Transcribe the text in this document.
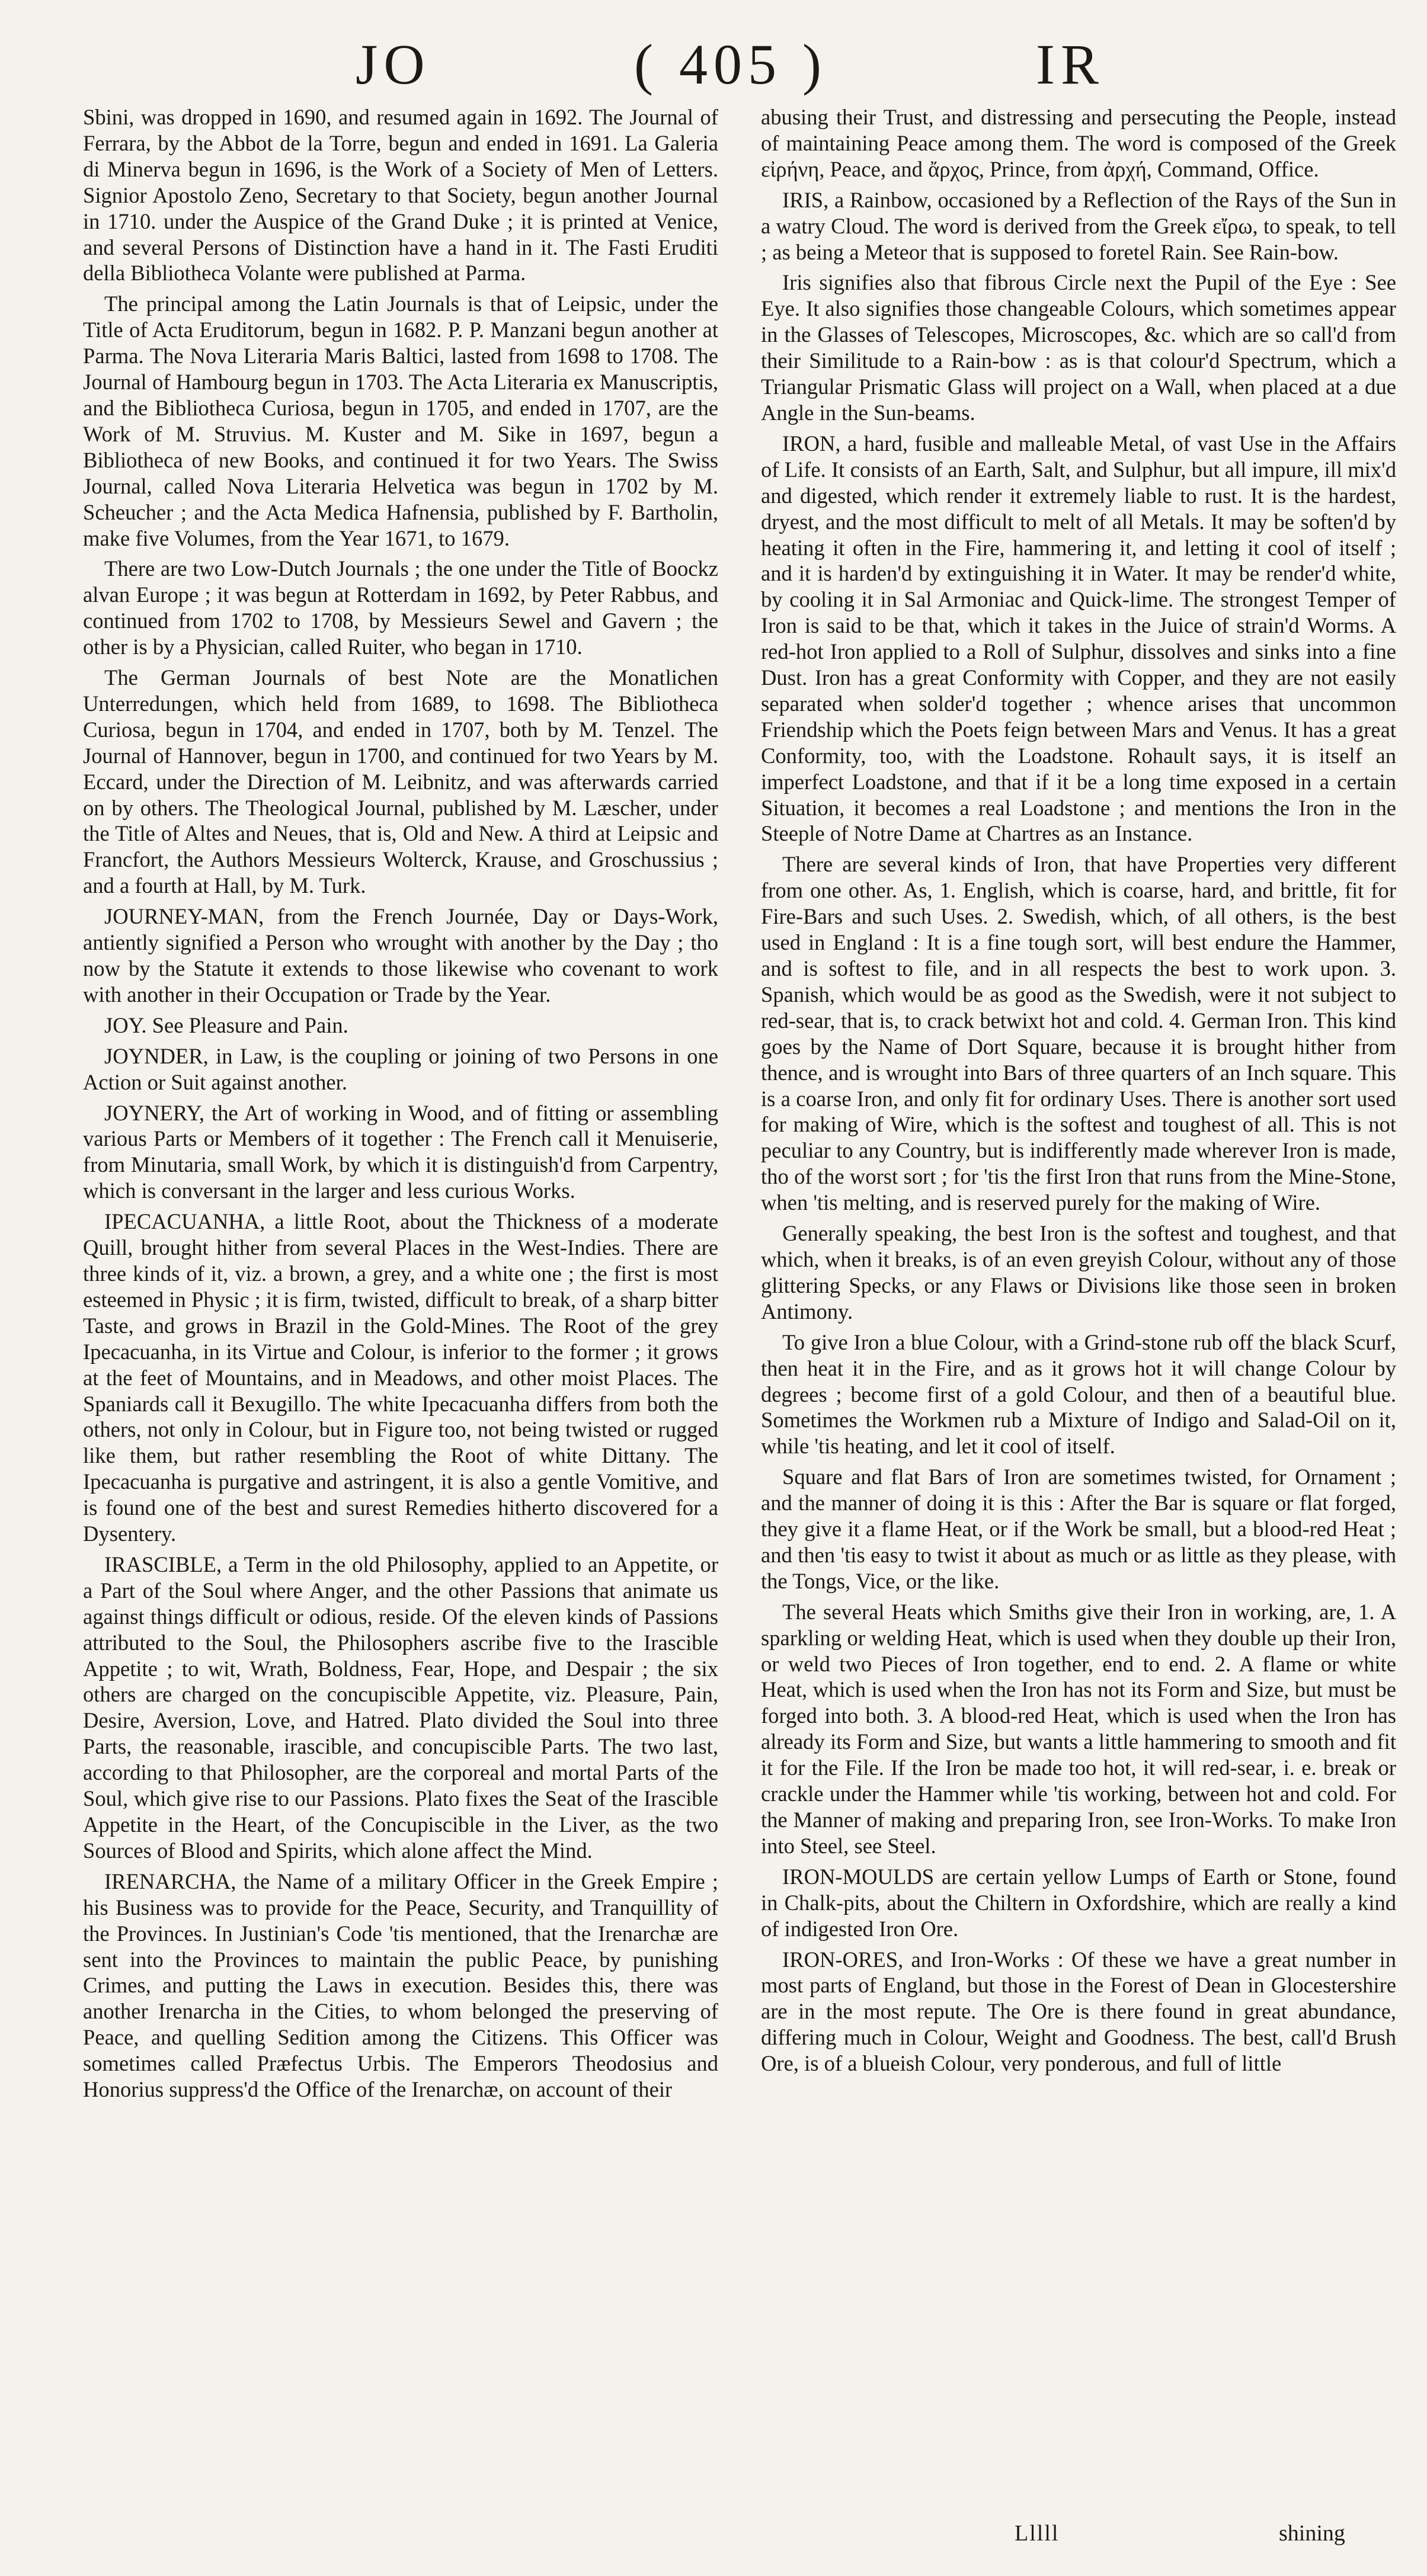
JO	( 405 )	IR

Sbini, was dropped in 1690, and resumed again in 1692. The Journal of Ferrara, by the Abbot de la Torre, begun and ended in 1691. La Galeria di Minerva begun in 1696, is the Work of a Society of Men of Letters. Signior Apostolo Zeno, Secretary to that Society, begun another Journal in 1710. under the Auspice of the Grand Duke ; it is printed at Venice, and several Persons of Distinction have a hand in it. The Fasti Eruditi della Bibliotheca Volante were published at Parma.

The principal among the Latin Journals is that of Leipsic, under the Title of Acta Eruditorum, begun in 1682. P. P. Manzani begun another at Parma. The Nova Literaria Maris Baltici, lasted from 1698 to 1708. The Journal of Hambourg begun in 1703. The Acta Literaria ex Manuscriptis, and the Bibliotheca Curiosa, begun in 1705, and ended in 1707, are the Work of M. Struvius. M. Kuster and M. Sike in 1697, begun a Bibliotheca of new Books, and continued it for two Years. The Swiss Journal, called Nova Literaria Helvetica was begun in 1702 by M. Scheucher ; and the Acta Medica Hafnensia, published by F. Bartholin, make five Volumes, from the Year 1671, to 1679.

There are two Low-Dutch Journals ; the one under the Title of Boockz alvan Europe ; it was begun at Rotterdam in 1692, by Peter Rabbus, and continued from 1702 to 1708, by Messieurs Sewel and Gavern ; the other is by a Physician, called Ruiter, who began in 1710.

The German Journals of best Note are the Monatlichen Unterredungen, which held from 1689, to 1698. The Bibliotheca Curiosa, begun in 1704, and ended in 1707, both by M. Tenzel. The Journal of Hannover, begun in 1700, and continued for two Years by M. Eccard, under the Direction of M. Leibnitz, and was afterwards carried on by others. The Theological Journal, published by M. Læscher, under the Title of Altes and Neues, that is, Old and New. A third at Leipsic and Francfort, the Authors Messieurs Wolterck, Krause, and Groschussius ; and a fourth at Hall, by M. Turk.

JOURNEY-MAN, from the French Journée, Day or Days-Work, antiently signified a Person who wrought with another by the Day ; tho now by the Statute it extends to those likewise who covenant to work with another in their Occupation or Trade by the Year.

JOY. See Pleasure and Pain.

JOYNDER, in Law, is the coupling or joining of two Persons in one Action or Suit against another.

JOYNERY, the Art of working in Wood, and of fitting or assembling various Parts or Members of it together : The French call it Menuiserie, from Minutaria, small Work, by which it is distinguish'd from Carpentry, which is conversant in the larger and less curious Works.

IPECACUANHA, a little Root, about the Thickness of a moderate Quill, brought hither from several Places in the West-Indies. There are three kinds of it, viz. a brown, a grey, and a white one ; the first is most esteemed in Physic ; it is firm, twisted, difficult to break, of a sharp bitter Taste, and grows in Brazil in the Gold-Mines. The Root of the grey Ipecacuanha, in its Virtue and Colour, is inferior to the former ; it grows at the feet of Mountains, and in Meadows, and other moist Places. The Spaniards call it Bexugillo. The white Ipecacuanha differs from both the others, not only in Colour, but in Figure too, not being twisted or rugged like them, but rather resembling the Root of white Dittany. The Ipecacuanha is purgative and astringent, it is also a gentle Vomitive, and is found one of the best and surest Remedies hitherto discovered for a Dysentery.

IRASCIBLE, a Term in the old Philosophy, applied to an Appetite, or a Part of the Soul where Anger, and the other Passions that animate us against things difficult or odious, reside. Of the eleven kinds of Passions attributed to the Soul, the Philosophers ascribe five to the Irascible Appetite ; to wit, Wrath, Boldness, Fear, Hope, and Despair ; the six others are charged on the concupiscible Appetite, viz. Pleasure, Pain, Desire, Aversion, Love, and Hatred. Plato divided the Soul into three Parts, the reasonable, irascible, and concupiscible Parts. The two last, according to that Philosopher, are the corporeal and mortal Parts of the Soul, which give rise to our Passions. Plato fixes the Seat of the Irascible Appetite in the Heart, of the Concupiscible in the Liver, as the two Sources of Blood and Spirits, which alone affect the Mind.

IRENARCHA, the Name of a military Officer in the Greek Empire ; his Business was to provide for the Peace, Security, and Tranquillity of the Provinces. In Justinian's Code 'tis mentioned, that the Irenarchæ are sent into the Provinces to maintain the public Peace, by punishing Crimes, and putting the Laws in execution. Besides this, there was another Irenarcha in the Cities, to whom belonged the preserving of Peace, and quelling Sedition among the Citizens. This Officer was sometimes called Præfectus Urbis. The Emperors Theodosius and Honorius suppress'd the Office of the Irenarchæ, on account of their

abusing their Trust, and distressing and persecuting the People, instead of maintaining Peace among them. The word is composed of the Greek εἰρήνη, Peace, and ἄρχος, Prince, from ἀρχή, Command, Office.

IRIS, a Rainbow, occasioned by a Reflection of the Rays of the Sun in a watry Cloud. The word is derived from the Greek εἴρω, to speak, to tell ; as being a Meteor that is supposed to foretel Rain. See Rain-bow.

Iris signifies also that fibrous Circle next the Pupil of the Eye : See Eye. It also signifies those changeable Colours, which sometimes appear in the Glasses of Telescopes, Microscopes, &c. which are so call'd from their Similitude to a Rain-bow : as is that colour'd Spectrum, which a Triangular Prismatic Glass will project on a Wall, when placed at a due Angle in the Sun-beams.

IRON, a hard, fusible and malleable Metal, of vast Use in the Affairs of Life. It consists of an Earth, Salt, and Sulphur, but all impure, ill mix'd and digested, which render it extremely liable to rust. It is the hardest, dryest, and the most difficult to melt of all Metals. It may be soften'd by heating it often in the Fire, hammering it, and letting it cool of itself ; and it is harden'd by extinguishing it in Water. It may be render'd white, by cooling it in Sal Armoniac and Quick-lime. The strongest Temper of Iron is said to be that, which it takes in the Juice of strain'd Worms. A red-hot Iron applied to a Roll of Sulphur, dissolves and sinks into a fine Dust. Iron has a great Conformity with Copper, and they are not easily separated when solder'd together ; whence arises that uncommon Friendship which the Poets feign between Mars and Venus. It has a great Conformity, too, with the Loadstone. Rohault says, it is itself an imperfect Loadstone, and that if it be a long time exposed in a certain Situation, it becomes a real Loadstone ; and mentions the Iron in the Steeple of Notre Dame at Chartres as an Instance.

There are several kinds of Iron, that have Properties very different from one other. As, 1. English, which is coarse, hard, and brittle, fit for Fire-Bars and such Uses. 2. Swedish, which, of all others, is the best used in England : It is a fine tough sort, will best endure the Hammer, and is softest to file, and in all respects the best to work upon. 3. Spanish, which would be as good as the Swedish, were it not subject to red-sear, that is, to crack betwixt hot and cold. 4. German Iron. This kind goes by the Name of Dort Square, because it is brought hither from thence, and is wrought into Bars of three quarters of an Inch square. This is a coarse Iron, and only fit for ordinary Uses. There is another sort used for making of Wire, which is the softest and toughest of all. This is not peculiar to any Country, but is indifferently made wherever Iron is made, tho of the worst sort ; for 'tis the first Iron that runs from the Mine-Stone, when 'tis melting, and is reserved purely for the making of Wire.

Generally speaking, the best Iron is the softest and toughest, and that which, when it breaks, is of an even greyish Colour, without any of those glittering Specks, or any Flaws or Divisions like those seen in broken Antimony.

To give Iron a blue Colour, with a Grind-stone rub off the black Scurf, then heat it in the Fire, and as it grows hot it will change Colour by degrees ; become first of a gold Colour, and then of a beautiful blue. Sometimes the Workmen rub a Mixture of Indigo and Salad-Oil on it, while 'tis heating, and let it cool of itself.

Square and flat Bars of Iron are sometimes twisted, for Ornament ; and the manner of doing it is this : After the Bar is square or flat forged, they give it a flame Heat, or if the Work be small, but a blood-red Heat ; and then 'tis easy to twist it about as much or as little as they please, with the Tongs, Vice, or the like.

The several Heats which Smiths give their Iron in working, are, 1. A sparkling or welding Heat, which is used when they double up their Iron, or weld two Pieces of Iron together, end to end. 2. A flame or white Heat, which is used when the Iron has not its Form and Size, but must be forged into both. 3. A blood-red Heat, which is used when the Iron has already its Form and Size, but wants a little hammering to smooth and fit it for the File. If the Iron be made too hot, it will red-sear, i. e. break or crackle under the Hammer while 'tis working, between hot and cold. For the Manner of making and preparing Iron, see Iron-Works. To make Iron into Steel, see Steel.

IRON-MOULDS are certain yellow Lumps of Earth or Stone, found in Chalk-pits, about the Chiltern in Oxfordshire, which are really a kind of indigested Iron Ore.

IRON-ORES, and Iron-Works : Of these we have a great number in most parts of England, but those in the Forest of Dean in Glocestershire are in the most repute. The Ore is there found in great abundance, differing much in Colour, Weight and Goodness. The best, call'd Brush Ore, is of a blueish Colour, very ponderous, and full of little

Lllll	shining
